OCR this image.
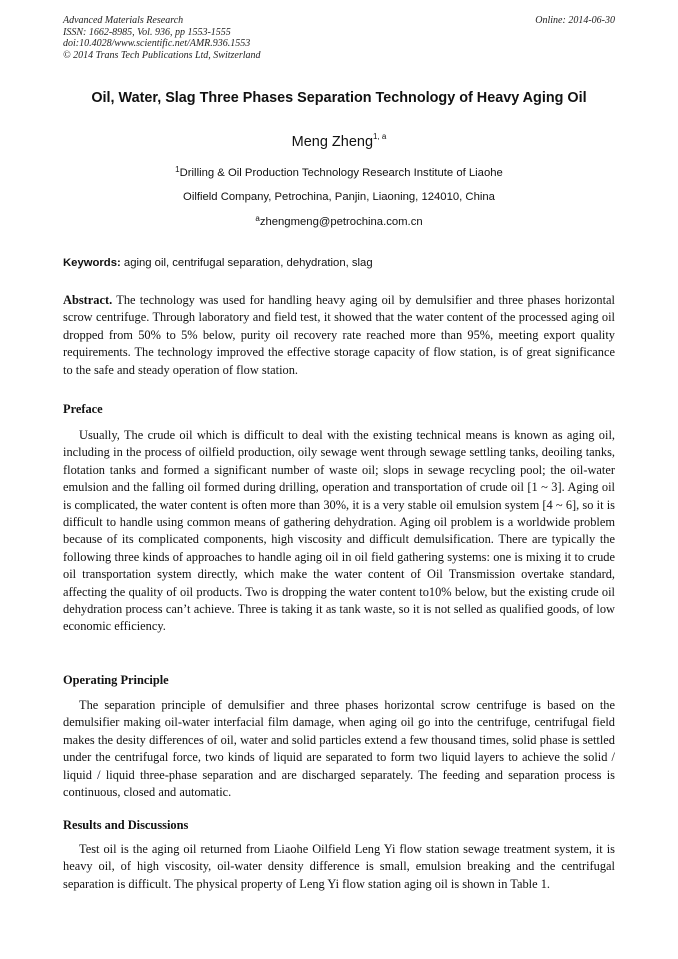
Advanced Materials Research
ISSN: 1662-8985, Vol. 936, pp 1553-1555
doi:10.4028/www.scientific.net/AMR.936.1553
© 2014 Trans Tech Publications Ltd, Switzerland
Online: 2014-06-30
Oil, Water, Slag Three Phases Separation Technology of Heavy Aging Oil
Meng Zheng$^{1, a}$
$^1$Drilling & Oil Production Technology Research Institute of Liaohe
Oilfield Company, Petrochina, Panjin, Liaoning, 124010, China
$^a$zhengmeng@petrochina.com.cn
Keywords: aging oil, centrifugal separation, dehydration, slag
Abstract. The technology was used for handling heavy aging oil by demulsifier and three phases horizontal scrow centrifuge. Through laboratory and field test, it showed that the water content of the processed aging oil dropped from 50% to 5% below, purity oil recovery rate reached more than 95%, meeting export quality requirements. The technology improved the effective storage capacity of flow station, is of great significance to the safe and steady operation of flow station.
Preface
Usually, The crude oil which is difficult to deal with the existing technical means is known as aging oil, including in the process of oilfield production, oily sewage went through sewage settling tanks, deoiling tanks, flotation tanks and formed a significant number of waste oil; slops in sewage recycling pool; the oil-water emulsion and the falling oil formed during drilling, operation and transportation of crude oil [1 ~ 3]. Aging oil is complicated, the water content is often more than 30%, it is a very stable oil emulsion system [4 ~ 6], so it is difficult to handle using common means of gathering dehydration. Aging oil problem is a worldwide problem because of its complicated components, high viscosity and difficult demulsification. There are typically the following three kinds of approaches to handle aging oil in oil field gathering systems: one is mixing it to crude oil transportation system directly, which make the water content of Oil Transmission overtake standard, affecting the quality of oil products. Two is dropping the water content to10% below, but the existing crude oil dehydration process can’t achieve. Three is taking it as tank waste, so it is not selled as qualified goods, of low economic efficiency.
Operating Principle
The separation principle of demulsifier and three phases horizontal scrow centrifuge is based on the demulsifier making oil-water interfacial film damage, when aging oil go into the centrifuge, centrifugal field makes the desity differences of oil, water and solid particles extend a few thousand times, solid phase is settled under the centrifugal force, two kinds of liquid are separated to form two liquid layers to achieve the solid / liquid / liquid three-phase separation and are discharged separately. The feeding and separation process is continuous, closed and automatic.
Results and Discussions
Test oil is the aging oil returned from Liaohe Oilfield Leng Yi flow station sewage treatment system, it is heavy oil, of high viscosity, oil-water density difference is small, emulsion breaking and the centrifugal separation is difficult. The physical property of Leng Yi flow station aging oil is shown in Table 1.
